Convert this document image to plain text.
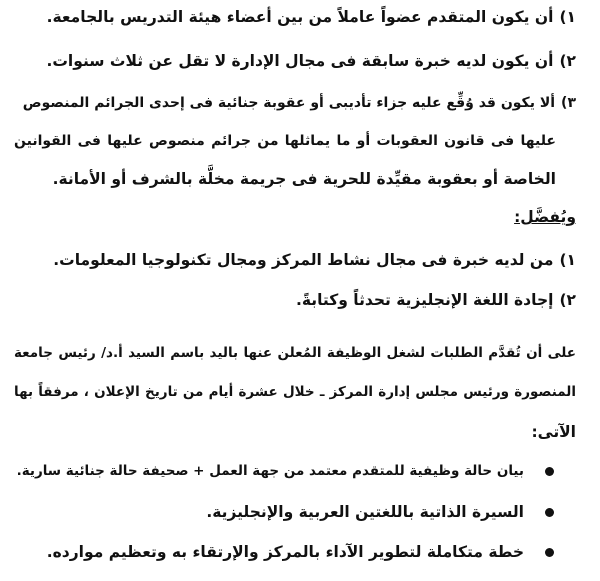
١)أن يكون المتقدم عضواً عاملاً من بين أعضاء هيئة التدريس بالجامعة.
٢)أن يكون لديه خبرة سابقة فى مجال الإدارة لا تقل عن ثلاث سنوات.
٣)ألا يكون قد وُقِّع عليه جزاء تأديبى أو عقوبة جنائية فى إحدى الجرائم المنصوص
عليها فى قانون العقوبات أو ما يماثلها من جرائم منصوص عليها فى القوانين
الخاصة أو بعقوبة مقيِّدة للحرية فى جريمة مخلَّة بالشرف أو الأمانة.
ويُفضَّل:
١)من لديه خبرة فى مجال نشاط المركز ومجال تكنولوجيا المعلومات.
٢)إجادة اللغة الإنجليزية تحدثاً وكتابةً.
على أن تُقدَّم الطلبات لشغل الوظيفة المُعلن عنها باليد باسم السيد أ.د/ رئيس جامعة
المنصورة ورئيس مجلس إدارة المركز ـ خلال عشرة أيام من تاريخ الإعلان ، مرفقاً بها
الآتى:
بيان حالة وظيفية للمتقدم معتمد من جهة العمل + صحيفة حالة جنائية سارية.
السيرة الذاتية باللغتين العربية والإنجليزية.
خطة متكاملة لتطوير الآداء بالمركز والإرتقاء به وتعظيم موارده.
